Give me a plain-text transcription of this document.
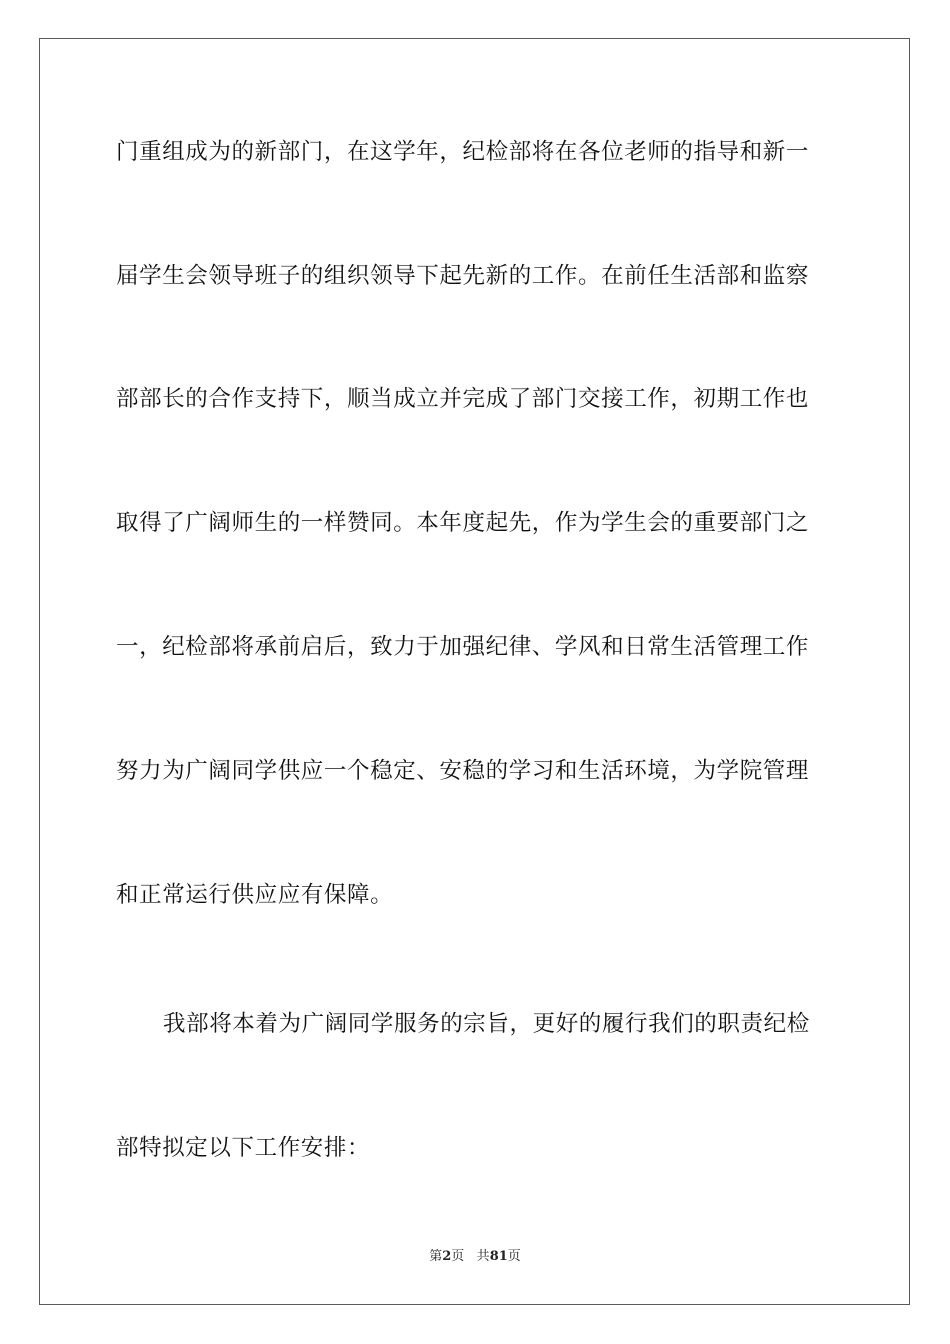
门重组成为的新部门，在这学年，纪检部将在各位老师的指导和新一
届学生会领导班子的组织领导下起先新的工作。在前任生活部和监察
部部长的合作支持下，顺当成立并完成了部门交接工作，初期工作也
取得了广阔师生的一样赞同。本年度起先，作为学生会的重要部门之
一，纪检部将承前启后，致力于加强纪律、学风和日常生活管理工作
努力为广阔同学供应一个稳定、安稳的学习和生活环境，为学院管理
和正常运行供应应有保障。
我部将本着为广阔同学服务的宗旨，更好的履行我们的职责纪检
部特拟定以下工作安排：
第2页 共81页
